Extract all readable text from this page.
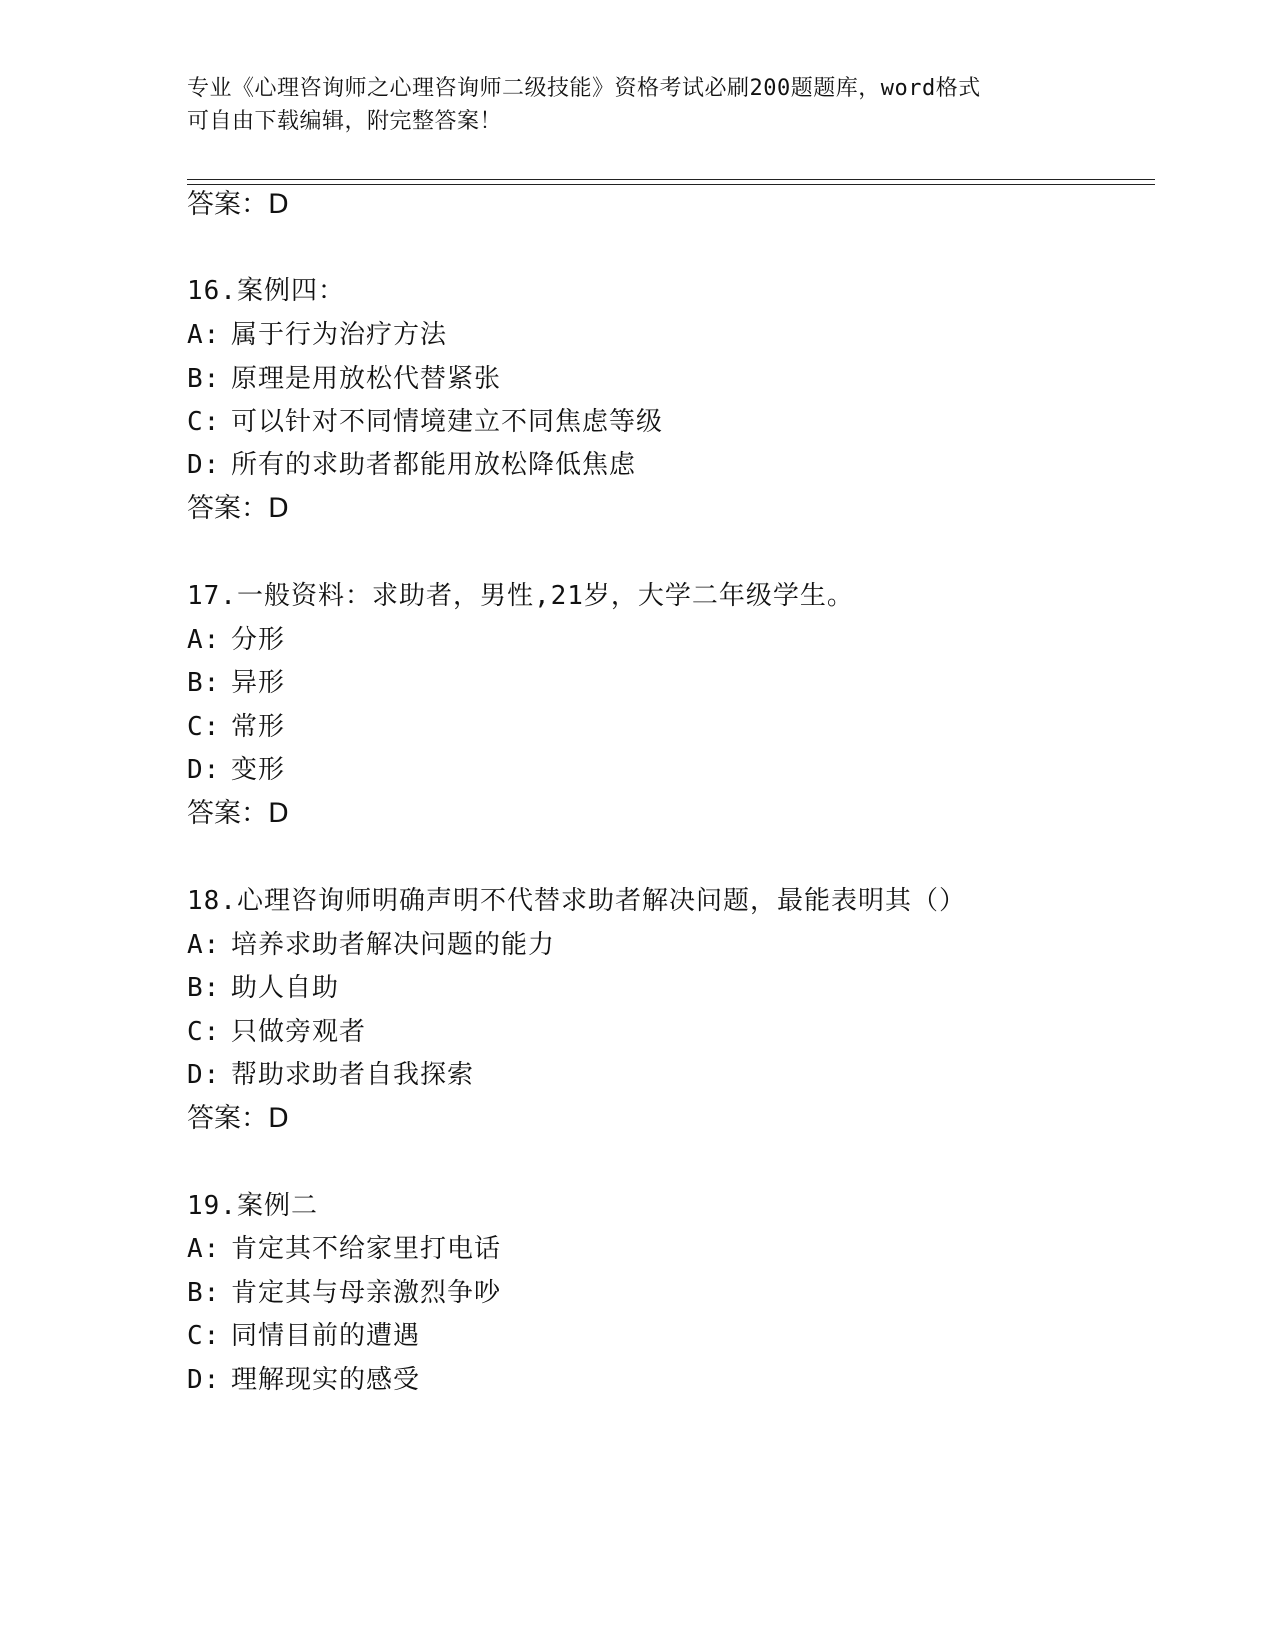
专业《心理咨询师之心理咨询师二级技能》资格考试必刷200题题库，word格式
可自由下载编辑，附完整答案！
答案：D
16.案例四：
A: 属于行为治疗方法
B: 原理是用放松代替紧张
C: 可以针对不同情境建立不同焦虑等级
D: 所有的求助者都能用放松降低焦虑
答案：D
17.一般资料：求助者，男性,21岁，大学二年级学生。
A: 分形
B: 异形
C: 常形
D: 变形
答案：D
18.心理咨询师明确声明不代替求助者解决问题，最能表明其（）
A: 培养求助者解决问题的能力
B: 助人自助
C: 只做旁观者
D: 帮助求助者自我探索
答案：D
19.案例二
A: 肯定其不给家里打电话
B: 肯定其与母亲激烈争吵
C: 同情目前的遭遇
D: 理解现实的感受
